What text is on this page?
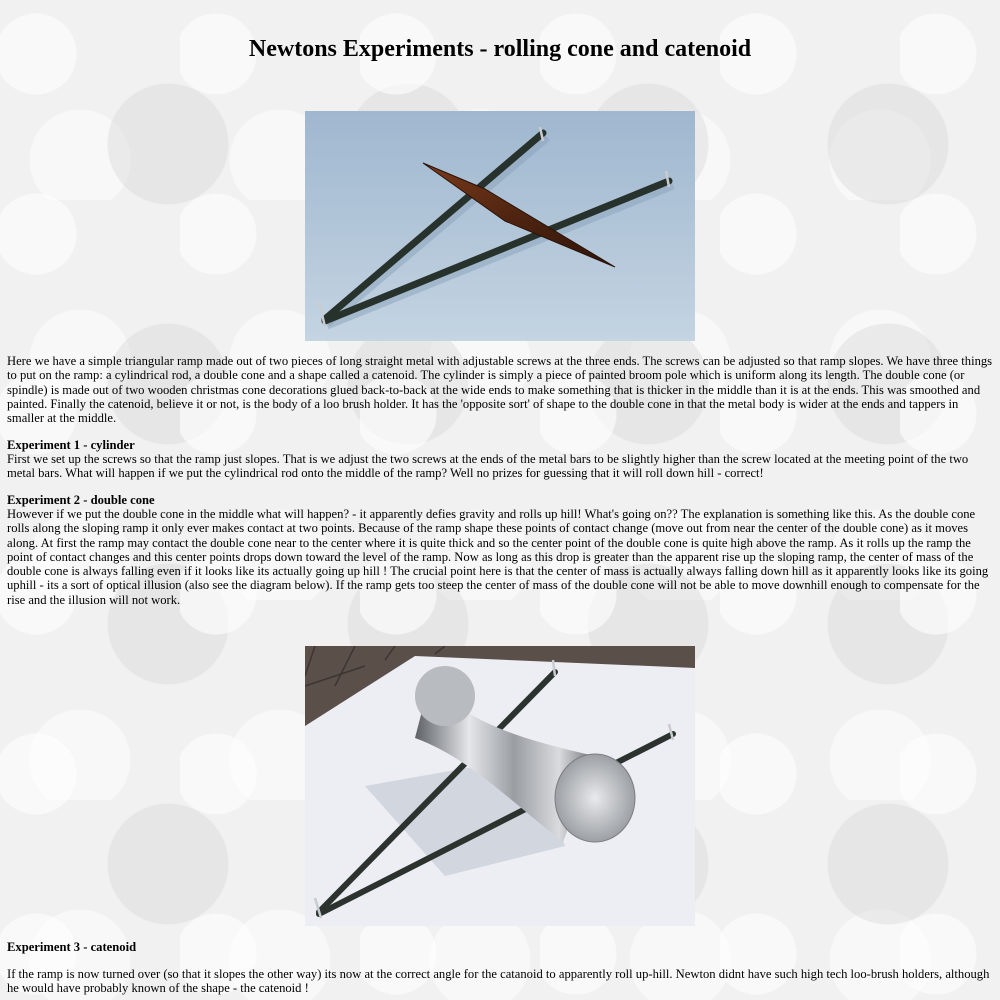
Newtons Experiments - rolling cone and catenoid

Here we have a simple triangular ramp made out of two pieces of long straight metal with adjustable screws at the three ends. The screws can be adjusted so that ramp slopes. We have three things to put on the ramp: a cylindrical rod, a double cone and a shape called a catenoid. The cylinder is simply a piece of painted broom pole which is uniform along its length. The double cone (or spindle) is made out of two wooden christmas cone decorations glued back-to-back at the wide ends to make something that is thicker in the middle than it is at the ends. This was smoothed and painted. Finally the catenoid, believe it or not, is the body of a loo brush holder. It has the 'opposite sort' of shape to the double cone in that the metal body is wider at the ends and tappers in smaller at the middle.

Experiment 1 - cylinder

First we set up the screws so that the ramp just slopes. That is we adjust the two screws at the ends of the metal bars to be slightly higher than the screw located at the meeting point of the two metal bars. What will happen if we put the cylindrical rod onto the middle of the ramp? Well no prizes for guessing that it will roll down hill - correct!

Experiment 2 - double cone

However if we put the double cone in the middle what will happen? - it apparently defies gravity and rolls up hill! What's going on?? The explanation is something like this. As the double cone rolls along the sloping ramp it only ever makes contact at two points. Because of the ramp shape these points of contact change (move out from near the center of the double cone) as it moves along. At first the ramp may contact the double cone near to the center where it is quite thick and so the center point of the double cone is quite high above the ramp. As it rolls up the ramp the point of contact changes and this center points drops down toward the level of the ramp. Now as long as this drop is greater than the apparent rise up the sloping ramp, the center of mass of the double cone is always falling even if it looks like its actually going up hill ! The crucial point here is that the center of mass is actually always falling down hill as it apparently looks like its going uphill - its a sort of optical illusion (also see the diagram below). If the ramp gets too steep the center of mass of the double cone will not be able to move downhill enough to compensate for the rise and the illusion will not work.

Experiment 3 - catenoid

If the ramp is now turned over (so that it slopes the other way) its now at the correct angle for the catanoid to apparently roll up-hill. Newton didnt have such high tech loo-brush holders, although he would have probably known of the shape - the catenoid !
